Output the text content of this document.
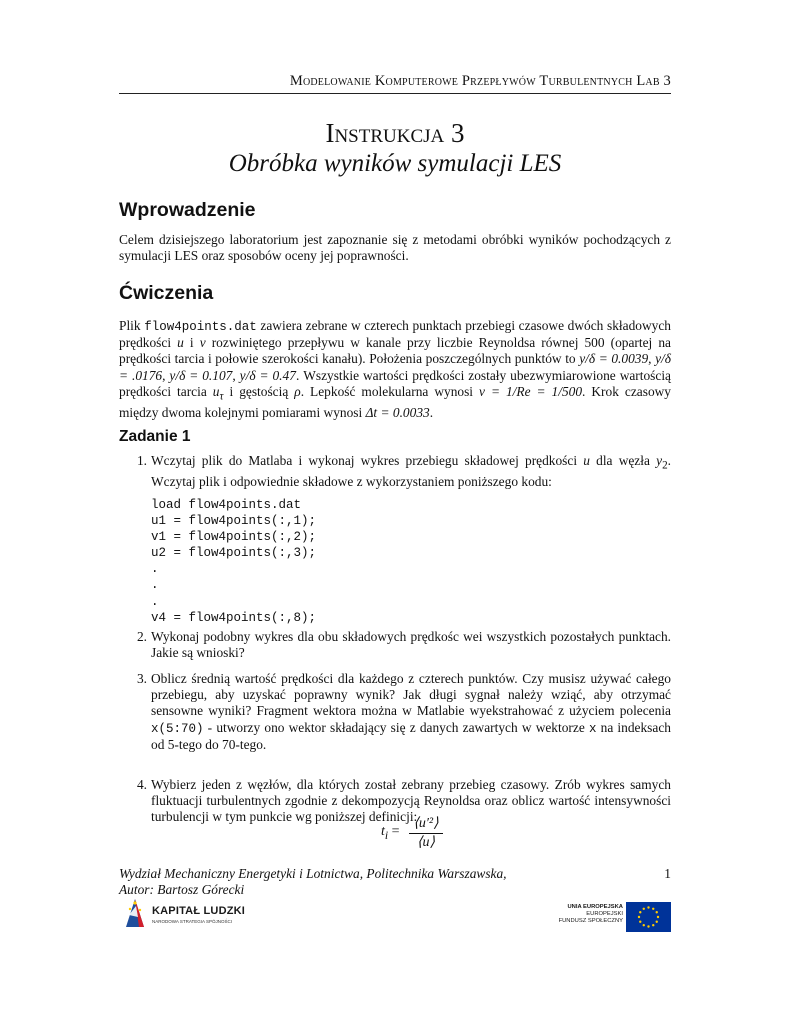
Modelowanie Komputerowe Przepływów Turbulentnych Lab 3
Instrukcja 3
Obróbka wyników symulacji LES
Wprowadzenie
Celem dzisiejszego laboratorium jest zapoznanie się z metodami obróbki wyników pochodzących z symulacji LES oraz sposobów oceny jej poprawności.
Ćwiczenia
Plik flow4points.dat zawiera zebrane w czterech punktach przebiegi czasowe dwóch składowych prędkości u i v rozwiniętego przepływu w kanale przy liczbie Reynoldsa równej 500 (opartej na prędkości tarcia i połowie szerokości kanału). Położenia poszczególnych punktów to y/δ = 0.0039, y/δ = .0176, y/δ = 0.107, y/δ = 0.47. Wszystkie wartości prędkości zostały ubezwymiarowione wartością prędkości tarcia $u_\tau$ i gęstością ρ. Lepkość molekularna wynosi ν = 1/Re = 1/500. Krok czasowy między dwoma kolejnymi pomiarami wynosi Δt = 0.0033.
Zadanie 1
1. Wczytaj plik do Matlaba i wykonaj wykres przebiegu składowej prędkości u dla węzła $y_2$. Wczytaj plik i odpowiednie składowe z wykorzystaniem poniższego kodu:
load flow4points.dat
u1 = flow4points(:,1);
v1 = flow4points(:,2);
u2 = flow4points(:,3);
.
.
.
v4 = flow4points(:,8);
2. Wykonaj podobny wykres dla obu składowych prędkośc wei wszystkich pozostałych punktach. Jakie są wnioski?
3. Oblicz średnią wartość prędkości dla każdego z czterech punktów. Czy musisz używać całego przebiegu, aby uzyskać poprawny wynik? Jak długi sygnał należy wziąć, aby otrzymać sensowne wyniki? Fragment wektora można w Matlabie wyekstrahować z użyciem polecenia x(5:70) - utworzy ono wektor składający się z danych zawartych w wektorze x na indeksach od 5-tego do 70-tego.
4. Wybierz jeden z węzłów, dla których został zebrany przebieg czasowy. Zrób wykres samych fluktuacji turbulentnych zgodnie z dekompozycją Reynoldsa oraz oblicz wartość intensywności turbulencji w tym punkcie wg poniższej definicji:
$t_i$ =
⟨u′²⟩
⟨u⟩
Wydział Mechaniczny Energetyki i Lotnictwa, Politechnika Warszawska,
Autor: Bartosz Górecki
1
KAPITAŁ LUDZKI
NARODOWA STRATEGIA SPÓJNOŚCI
UNIA EUROPEJSKA
EUROPEJSKI
FUNDUSZ SPOŁECZNY
